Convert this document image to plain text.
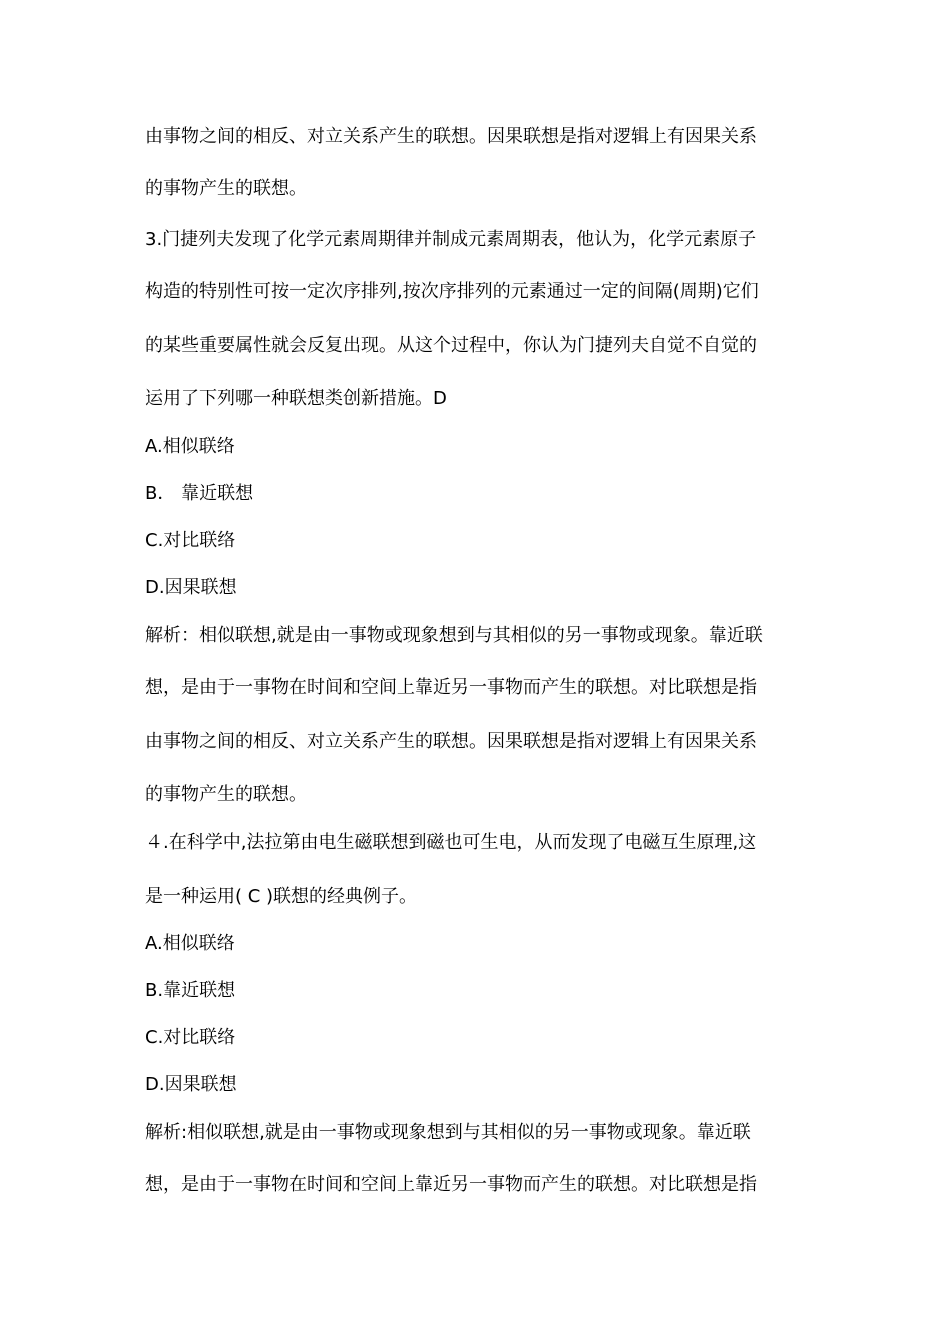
由事物之间的相反、对立关系产生的联想。因果联想是指对逻辑上有因果关系
的事物产生的联想。
3.门捷列夫发现了化学元素周期律并制成元素周期表，他认为，化学元素原子
构造的特别性可按一定次序排列,按次序排列的元素通过一定的间隔(周期)它们
的某些重要属性就会反复出现。从这个过程中，你认为门捷列夫自觉不自觉的
运用了下列哪一种联想类创新措施。D
A.相似联络
B． 靠近联想
C.对比联络
D.因果联想
解析：相似联想,就是由一事物或现象想到与其相似的另一事物或现象。靠近联
想，是由于一事物在时间和空间上靠近另一事物而产生的联想。对比联想是指
由事物之间的相反、对立关系产生的联想。因果联想是指对逻辑上有因果关系
的事物产生的联想。
４.在科学中,法拉第由电生磁联想到磁也可生电，从而发现了电磁互生原理,这
是一种运用( C )联想的经典例子。
A.相似联络
B.靠近联想
C.对比联络
D.因果联想
解析:相似联想,就是由一事物或现象想到与其相似的另一事物或现象。靠近联
想，是由于一事物在时间和空间上靠近另一事物而产生的联想。对比联想是指
